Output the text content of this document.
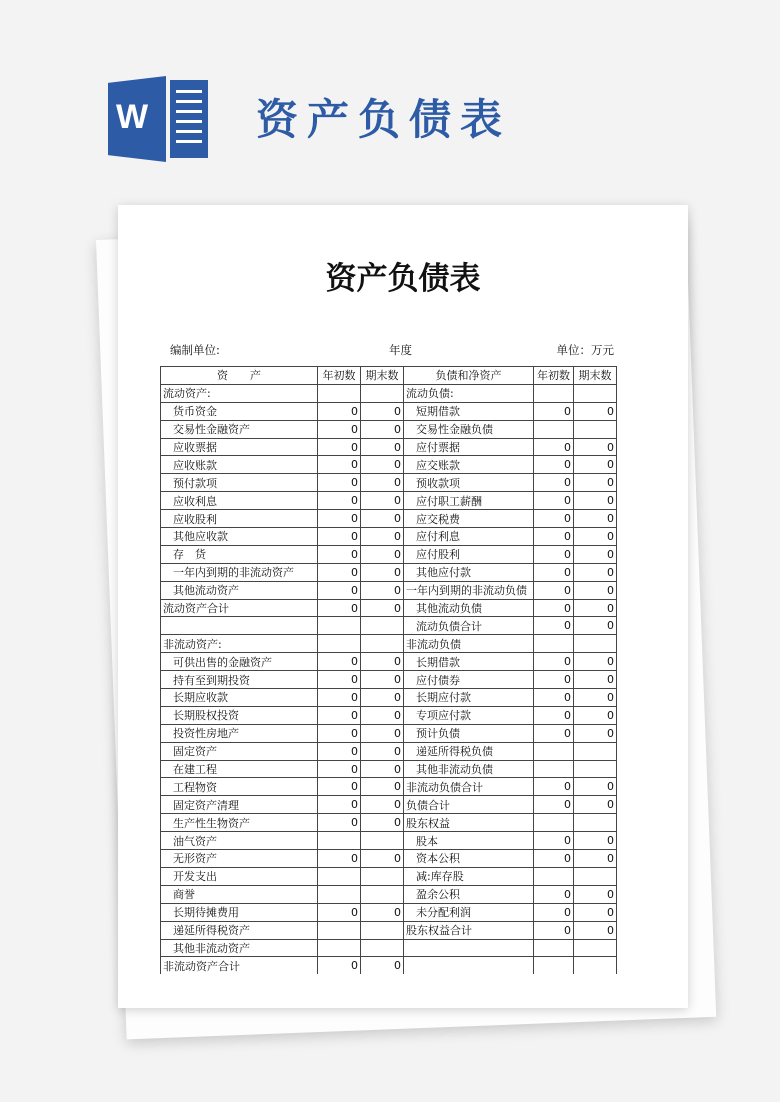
W	资产负债表
资产负债表
编制单位:	年度	单位：万元
资　　产	年初数	期末数	负债和净资产	年初数	期末数
流动资产:			流动负债:		
货币资金	0	0	短期借款	0	0
交易性金融资产	0	0	交易性金融负债		
应收票据	0	0	应付票据	0	0
应收账款	0	0	应交账款	0	0
预付款项	0	0	预收款项	0	0
应收利息	0	0	应付职工薪酬	0	0
应收股利	0	0	应交税费	0	0
其他应收款	0	0	应付利息	0	0
存　货	0	0	应付股利	0	0
一年内到期的非流动资产	0	0	其他应付款	0	0
其他流动资产	0	0	一年内到期的非流动负债	0	0
流动资产合计	0	0	其他流动负债	0	0
			流动负债合计	0	0
非流动资产:			非流动负债		
可供出售的金融资产	0	0	长期借款	0	0
持有至到期投资	0	0	应付债券	0	0
长期应收款	0	0	长期应付款	0	0
长期股权投资	0	0	专项应付款	0	0
投资性房地产	0	0	预计负债	0	0
固定资产	0	0	递延所得税负债		
在建工程	0	0	其他非流动负债		
工程物资	0	0	非流动负债合计	0	0
固定资产清理	0	0	负债合计	0	0
生产性生物资产	0	0	股东权益		
油气资产			股本	0	0
无形资产	0	0	资本公积	0	0
开发支出			减:库存股		
商誉			盈余公积	0	0
长期待摊费用	0	0	未分配利润	0	0
递延所得税资产			股东权益合计	0	0
其他非流动资产					
非流动资产合计	0	0			
